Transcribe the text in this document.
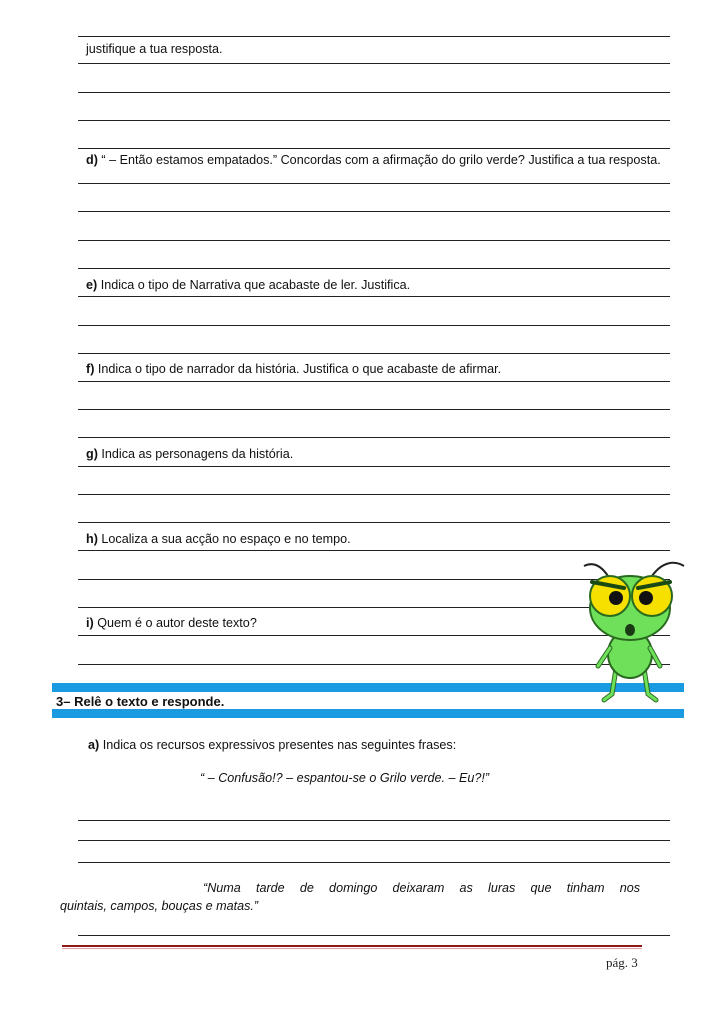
justifique a tua resposta.
d) “ – Então estamos empatados.” Concordas com a afirmação do grilo verde? Justifica a tua resposta.
e) Indica o tipo de Narrativa que acabaste de ler. Justifica.
f) Indica o tipo de narrador da história. Justifica o que acabaste de afirmar.
g) Indica as personagens da história.
h) Localiza a sua acção no espaço e no tempo.
i) Quem é o autor deste texto?
3– Relê o texto e responde.
a) Indica os recursos expressivos presentes nas seguintes frases:
“ – Confusão!? – espantou-se o Grilo verde. – Eu?!”
“Numa tarde de domingo deixaram as luras que tinham nos
quintais, campos, bouças e matas.”
pág. 3
